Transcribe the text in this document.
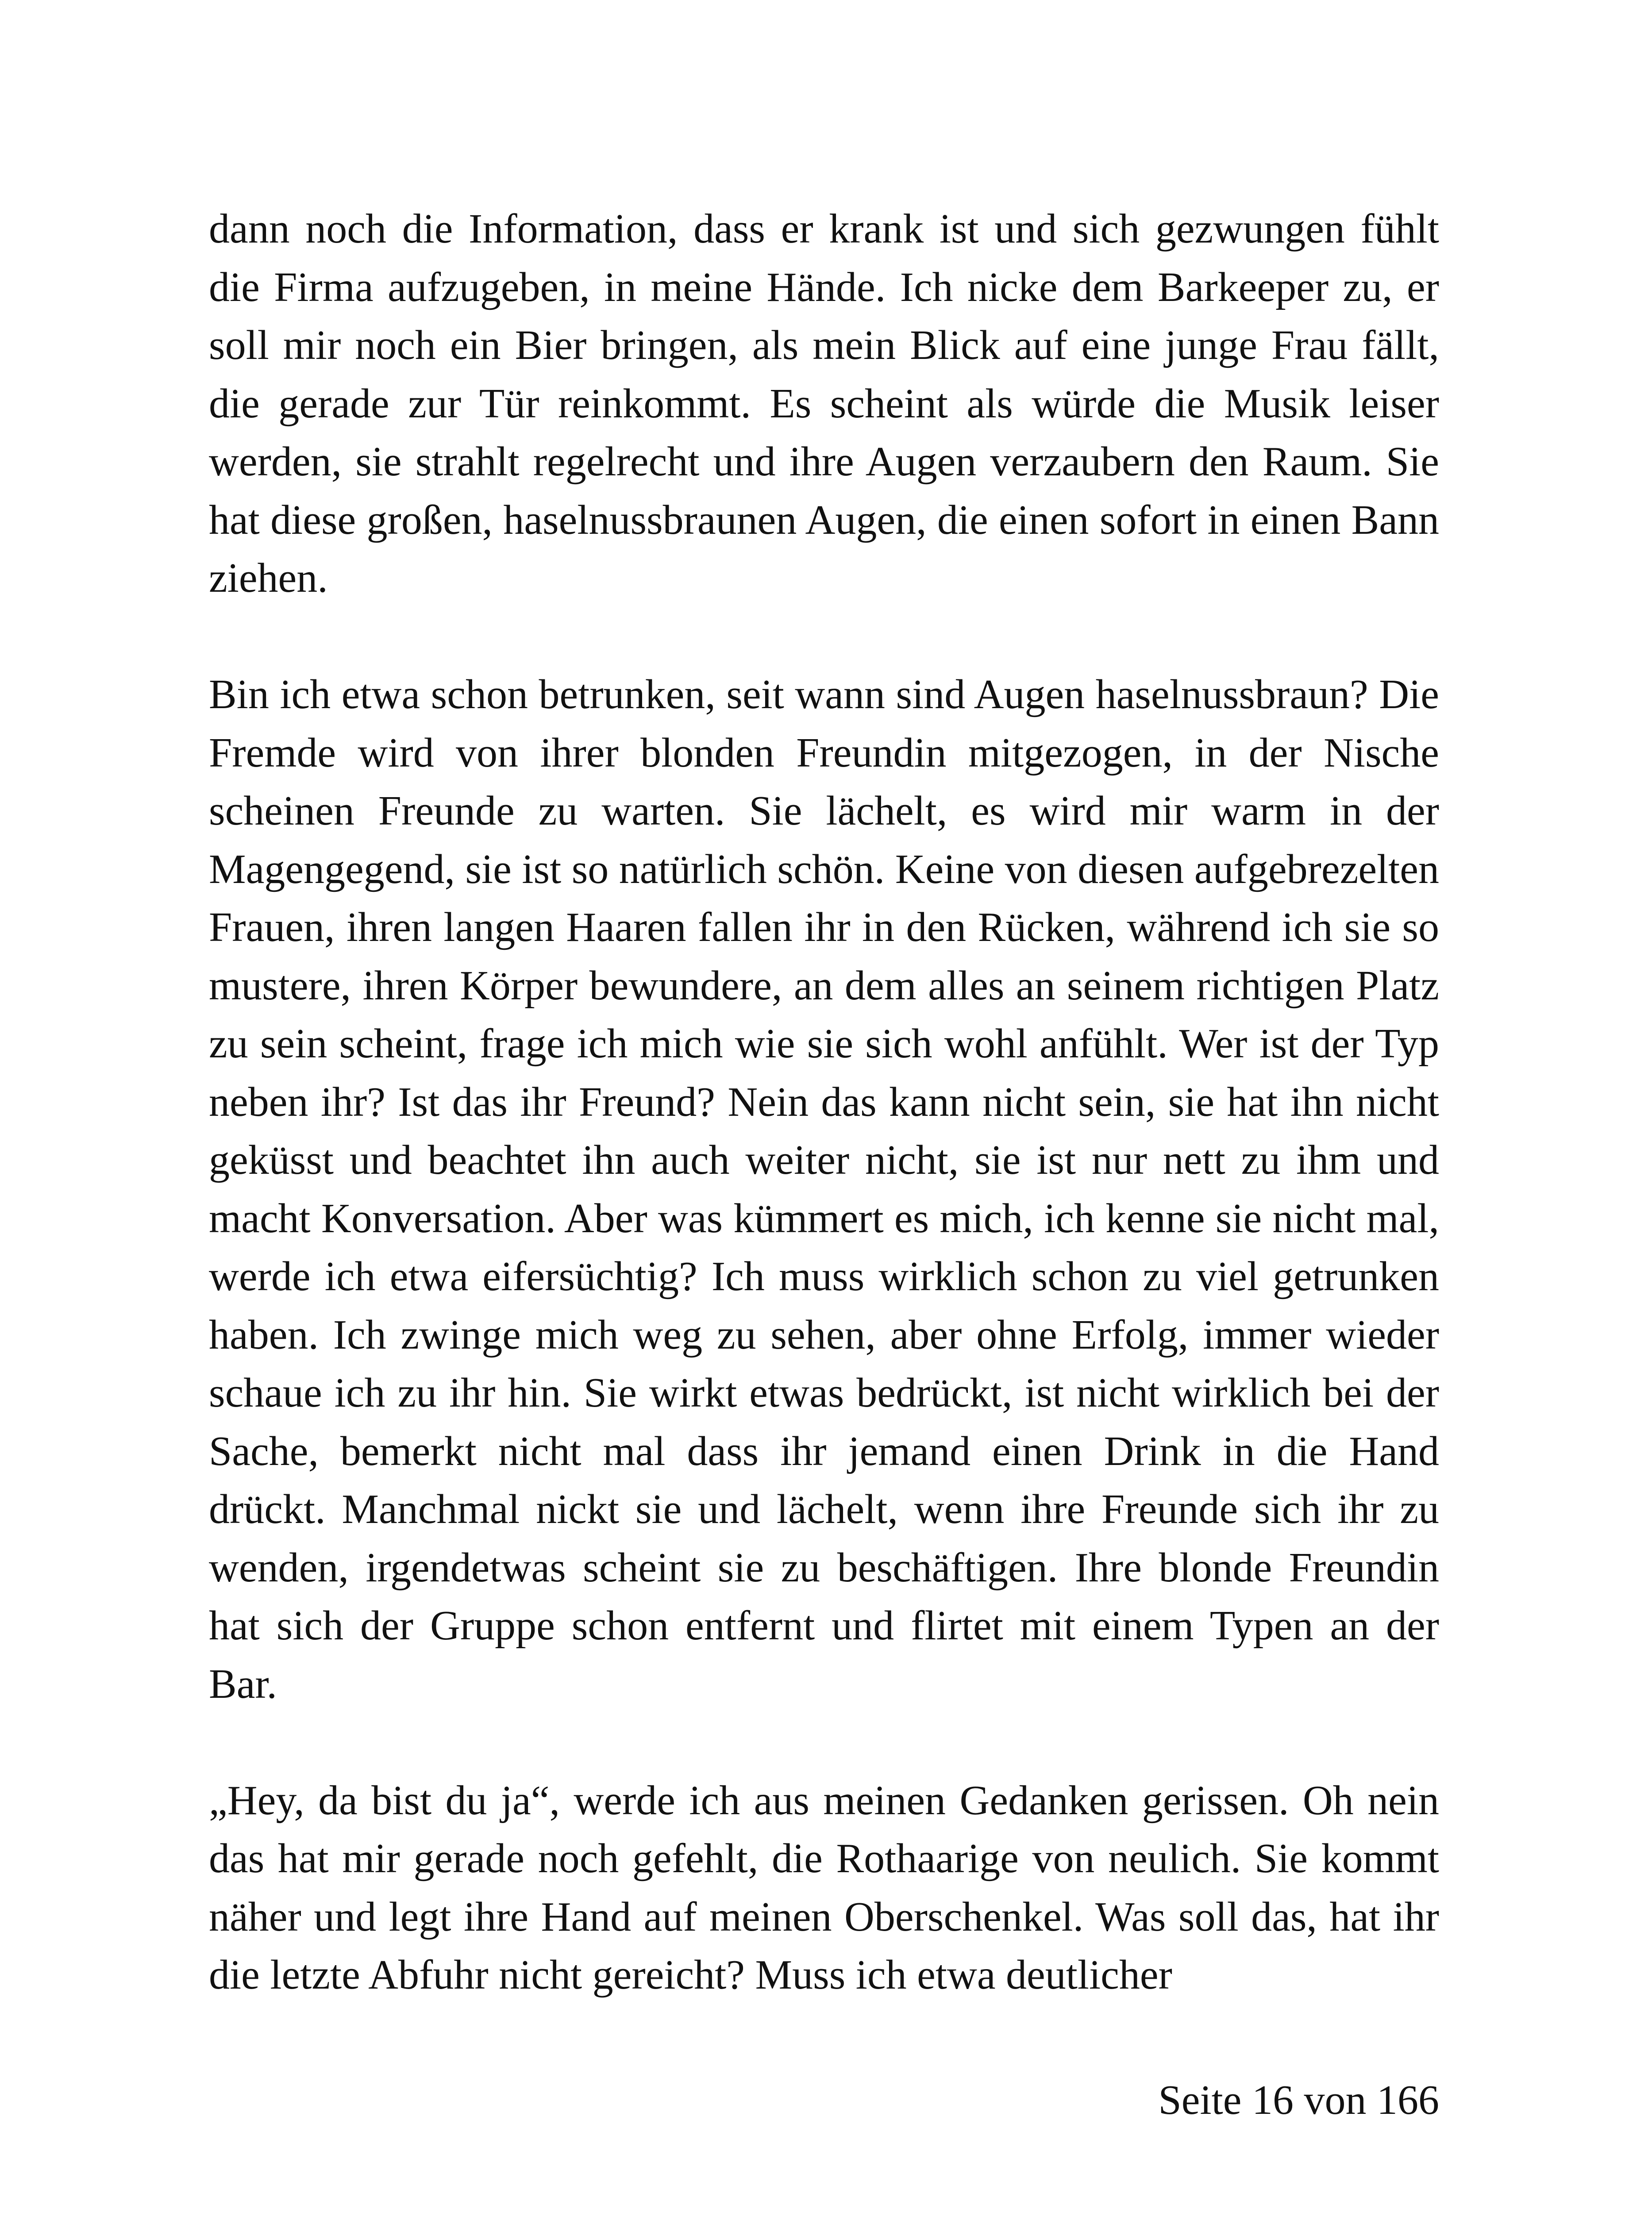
dann noch die Information, dass er krank ist und sich gezwungen fühlt die Firma aufzugeben, in meine Hände. Ich nicke dem Barkeeper zu, er soll mir noch ein Bier bringen, als mein Blick auf eine junge Frau fällt, die gerade zur Tür reinkommt. Es scheint als würde die Musik leiser werden, sie strahlt regelrecht und ihre Augen verzaubern den Raum. Sie hat diese großen, haselnussbraunen Augen, die einen sofort in einen Bann ziehen.

Bin ich etwa schon betrunken, seit wann sind Augen haselnussbraun? Die Fremde wird von ihrer blonden Freundin mitgezogen, in der Nische scheinen Freunde zu warten. Sie lächelt, es wird mir warm in der Magengegend, sie ist so natürlich schön. Keine von diesen aufgebrezelten Frauen, ihren langen Haaren fallen ihr in den Rücken, während ich sie so mustere, ihren Körper bewundere, an dem alles an seinem richtigen Platz zu sein scheint, frage ich mich wie sie sich wohl anfühlt. Wer ist der Typ neben ihr? Ist das ihr Freund? Nein das kann nicht sein, sie hat ihn nicht geküsst und beachtet ihn auch weiter nicht, sie ist nur nett zu ihm und macht Konversation. Aber was kümmert es mich, ich kenne sie nicht mal, werde ich etwa eifersüchtig? Ich muss wirklich schon zu viel getrunken haben. Ich zwinge mich weg zu sehen, aber ohne Erfolg, immer wieder schaue ich zu ihr hin. Sie wirkt etwas bedrückt, ist nicht wirklich bei der Sache, bemerkt nicht mal dass ihr jemand einen Drink in die Hand drückt. Manchmal nickt sie und lächelt, wenn ihre Freunde sich ihr zu wenden, irgendetwas scheint sie zu beschäftigen. Ihre blonde Freundin hat sich der Gruppe schon entfernt und flirtet mit einem Typen an der Bar.

„Hey, da bist du ja“, werde ich aus meinen Gedanken gerissen. Oh nein das hat mir gerade noch gefehlt, die Rothaarige von neulich. Sie kommt näher und legt ihre Hand auf meinen Oberschenkel. Was soll das, hat ihr die letzte Abfuhr nicht gereicht? Muss ich etwa deutlicher

Seite 16 von 166
